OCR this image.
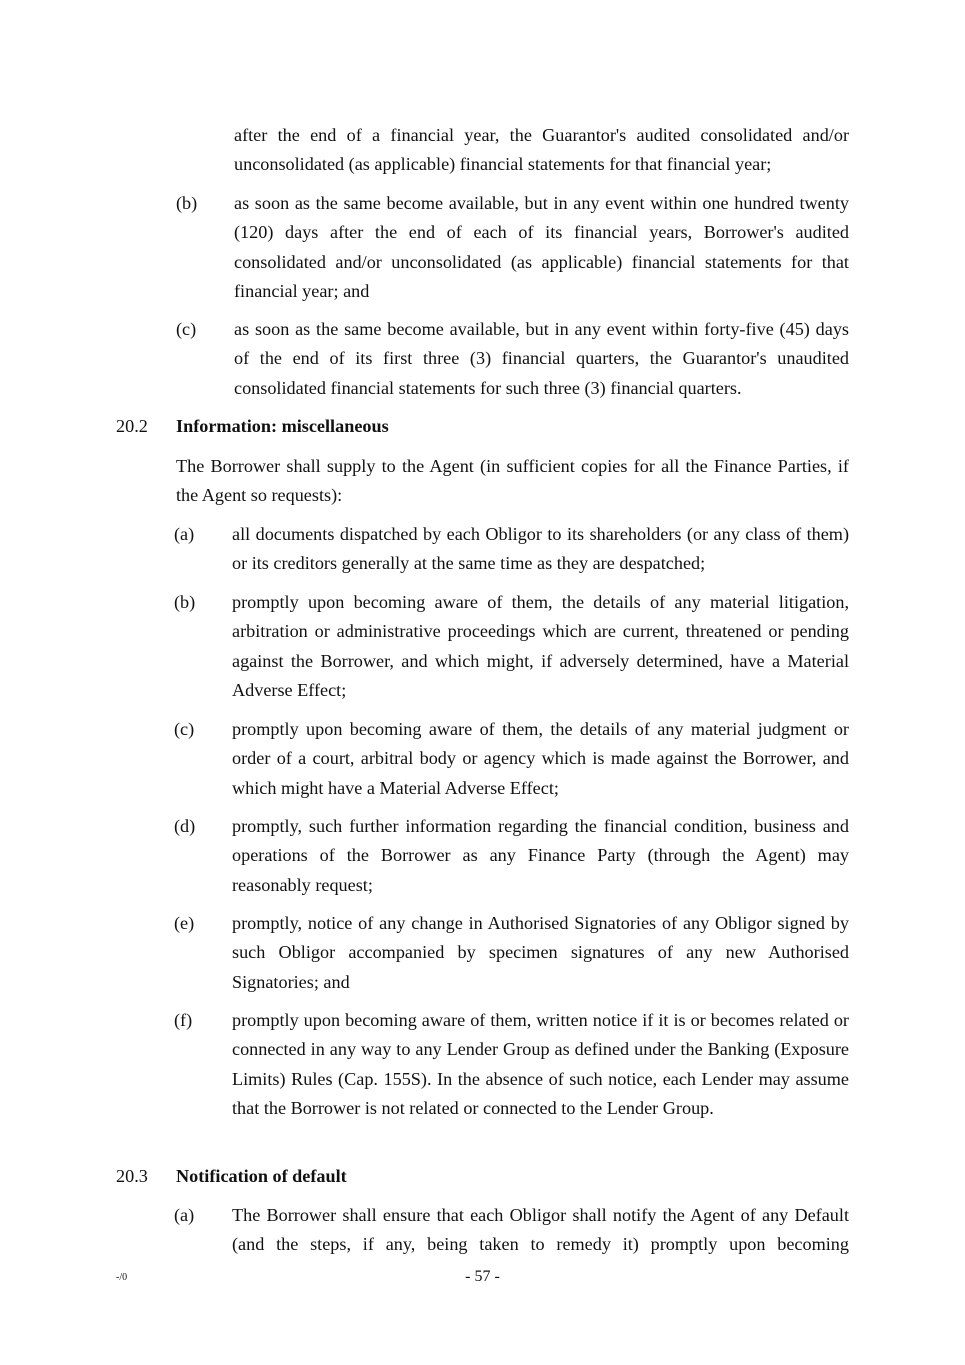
after the end of a financial year, the Guarantor's audited consolidated and/or unconsolidated (as applicable) financial statements for that financial year;

(b) as soon as the same become available, but in any event within one hundred twenty (120) days after the end of each of its financial years, Borrower's audited consolidated and/or unconsolidated (as applicable) financial statements for that financial year; and

(c) as soon as the same become available, but in any event within forty-five (45) days of the end of its first three (3) financial quarters, the Guarantor's unaudited consolidated financial statements for such three (3) financial quarters.

20.2 Information: miscellaneous

The Borrower shall supply to the Agent (in sufficient copies for all the Finance Parties, if the Agent so requests):

(a) all documents dispatched by each Obligor to its shareholders (or any class of them) or its creditors generally at the same time as they are despatched;

(b) promptly upon becoming aware of them, the details of any material litigation, arbitration or administrative proceedings which are current, threatened or pending against the Borrower, and which might, if adversely determined, have a Material Adverse Effect;

(c) promptly upon becoming aware of them, the details of any material judgment or order of a court, arbitral body or agency which is made against the Borrower, and which might have a Material Adverse Effect;

(d) promptly, such further information regarding the financial condition, business and operations of the Borrower as any Finance Party (through the Agent) may reasonably request;

(e) promptly, notice of any change in Authorised Signatories of any Obligor signed by such Obligor accompanied by specimen signatures of any new Authorised Signatories; and

(f) promptly upon becoming aware of them, written notice if it is or becomes related or connected in any way to any Lender Group as defined under the Banking (Exposure Limits) Rules (Cap. 155S). In the absence of such notice, each Lender may assume that the Borrower is not related or connected to the Lender Group.

20.3 Notification of default
(a) The Borrower shall ensure that each Obligor shall notify the Agent of any Default (and the steps, if any, being taken to remedy it) promptly upon becoming

-/0	- 57 -
